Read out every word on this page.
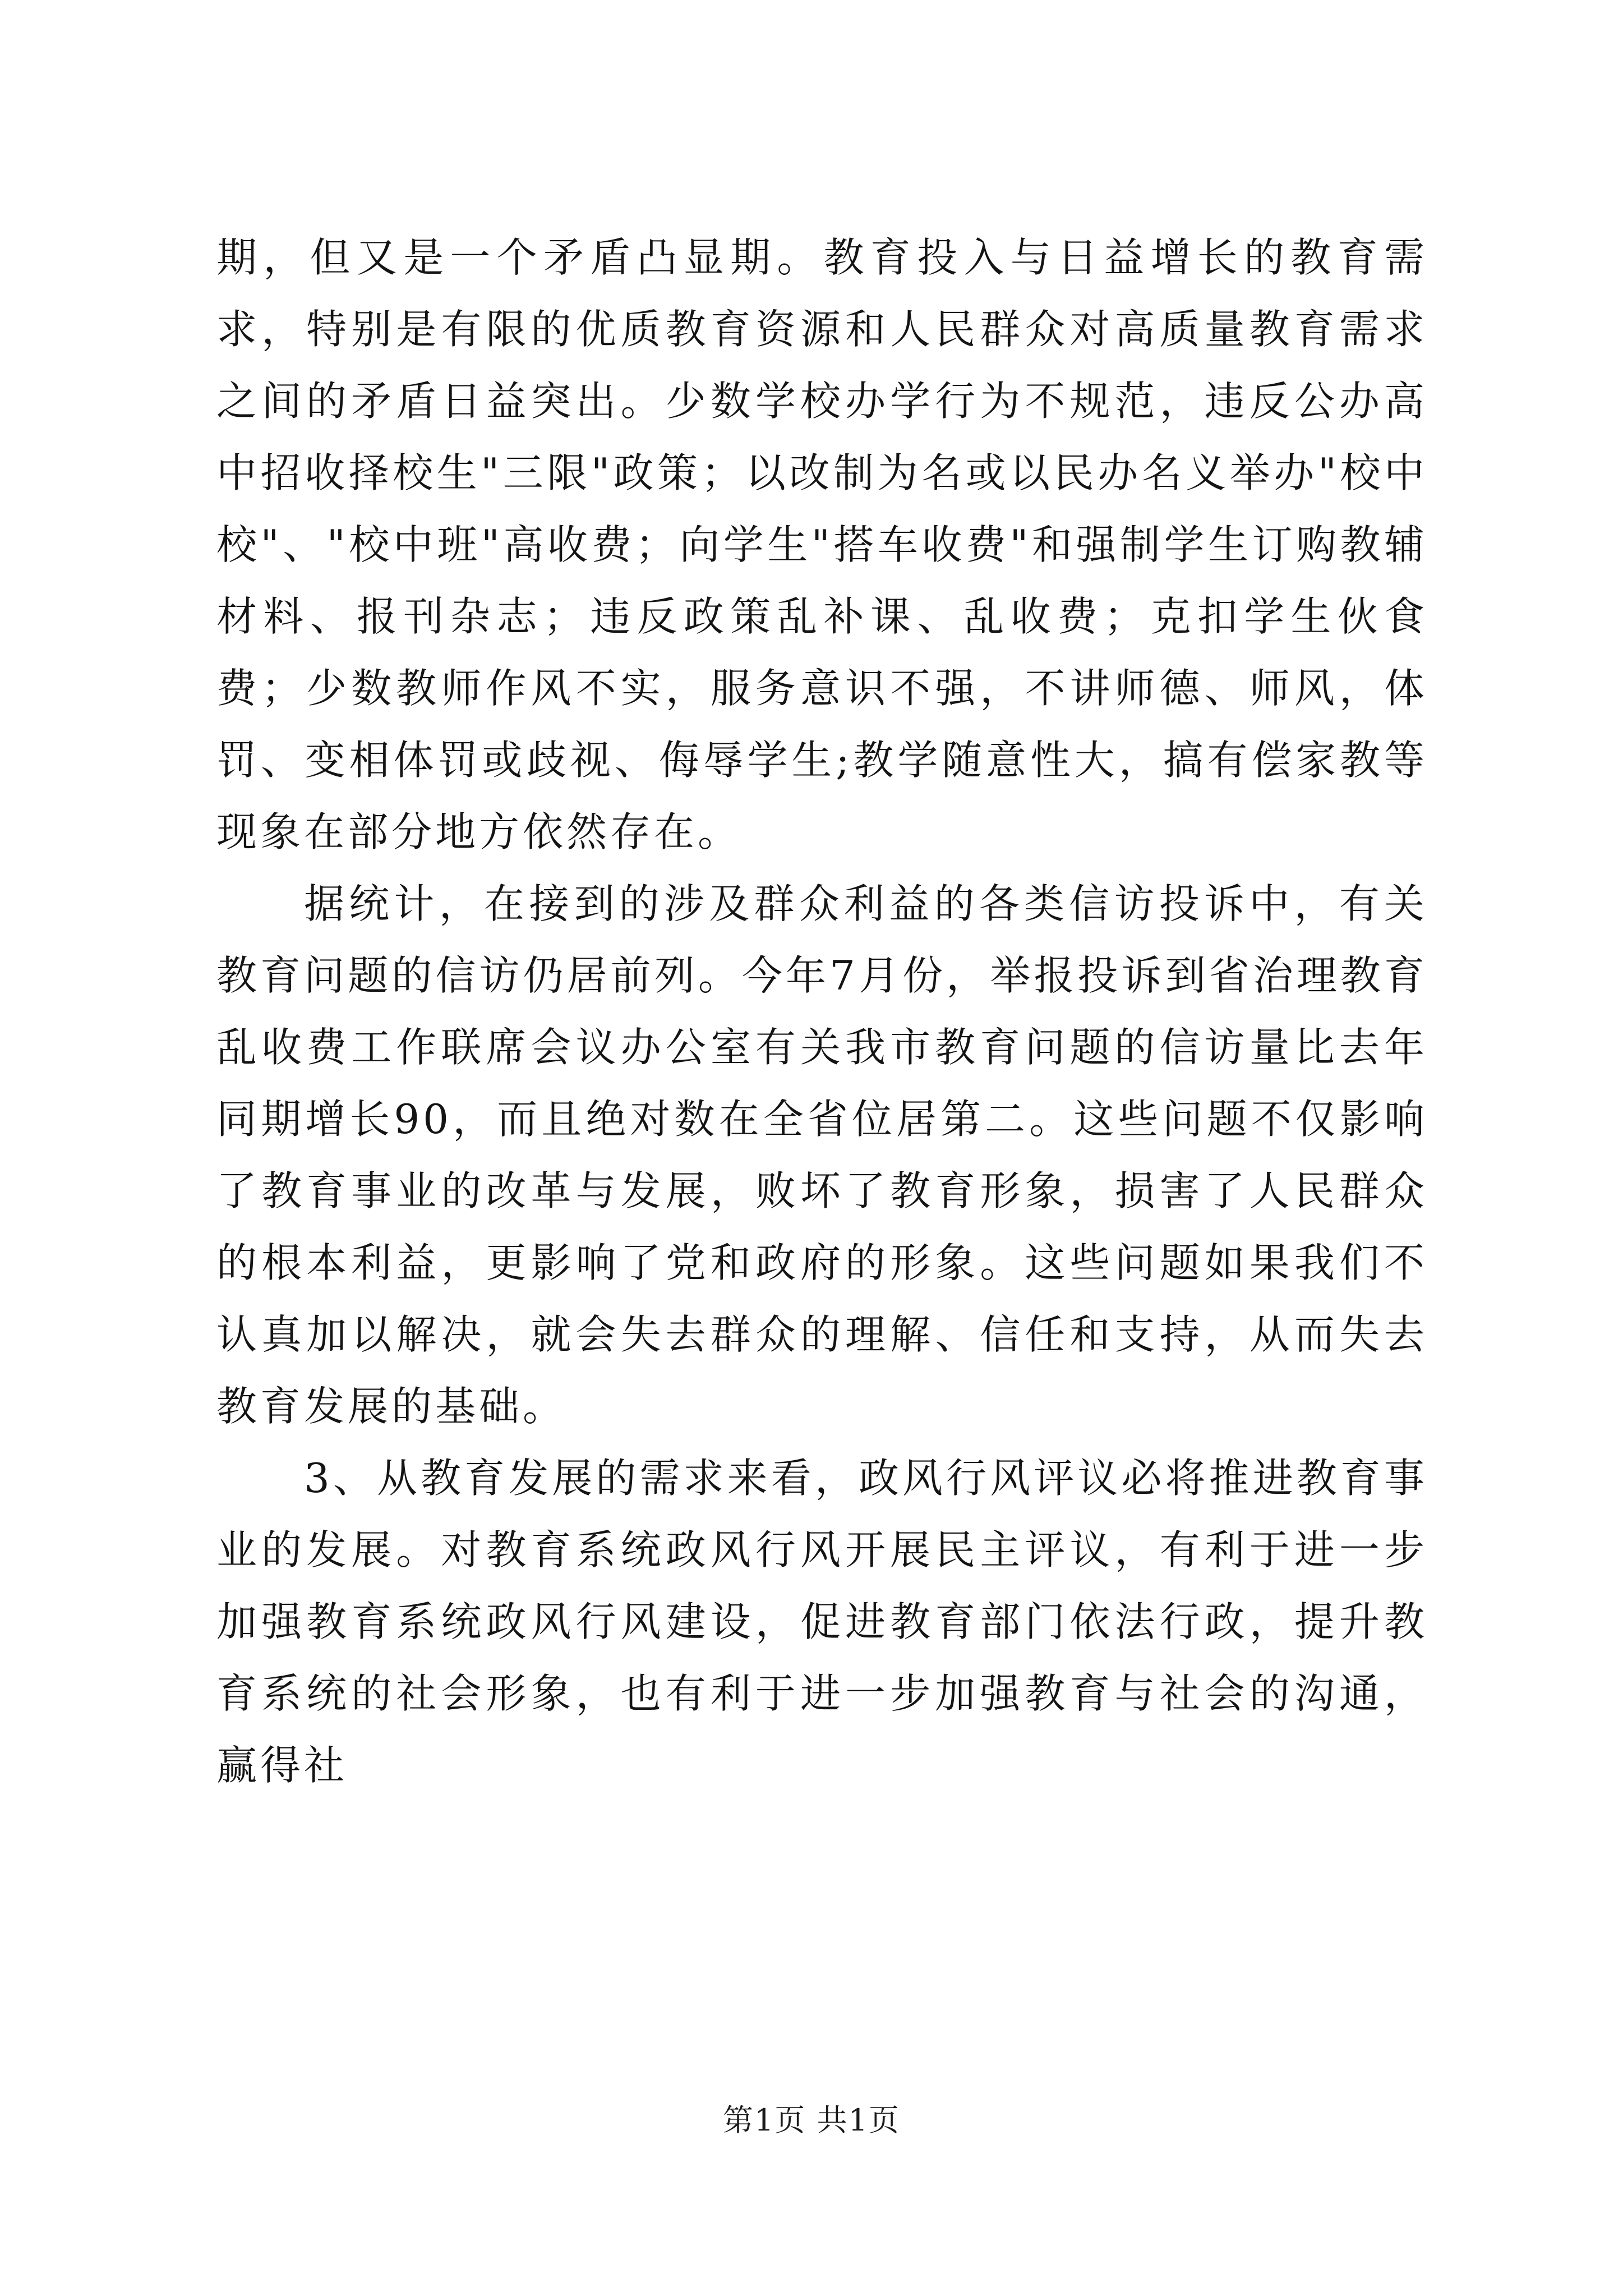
期，但又是一个矛盾凸显期。教育投入与日益增长的教育需求，特别是有限的优质教育资源和人民群众对高质量教育需求之间的矛盾日益突出。少数学校办学行为不规范，违反公办高中招收择校生"三限"政策；以改制为名或以民办名义举办"校中校"、"校中班"高收费；向学生"搭车收费"和强制学生订购教辅材料、报刊杂志；违反政策乱补课、乱收费；克扣学生伙食费；少数教师作风不实，服务意识不强，不讲师德、师风，体罚、变相体罚或歧视、侮辱学生;教学随意性大，搞有偿家教等现象在部分地方依然存在。

据统计，在接到的涉及群众利益的各类信访投诉中，有关教育问题的信访仍居前列。今年7月份，举报投诉到省治理教育乱收费工作联席会议办公室有关我市教育问题的信访量比去年同期增长90，而且绝对数在全省位居第二。这些问题不仅影响了教育事业的改革与发展，败坏了教育形象，损害了人民群众的根本利益，更影响了党和政府的形象。这些问题如果我们不认真加以解决，就会失去群众的理解、信任和支持，从而失去教育发展的基础。

3、从教育发展的需求来看，政风行风评议必将推进教育事业的发展。对教育系统政风行风开展民主评议，有利于进一步加强教育系统政风行风建设，促进教育部门依法行政，提升教育系统的社会形象，也有利于进一步加强教育与社会的沟通，赢得社

第1页 共1页
